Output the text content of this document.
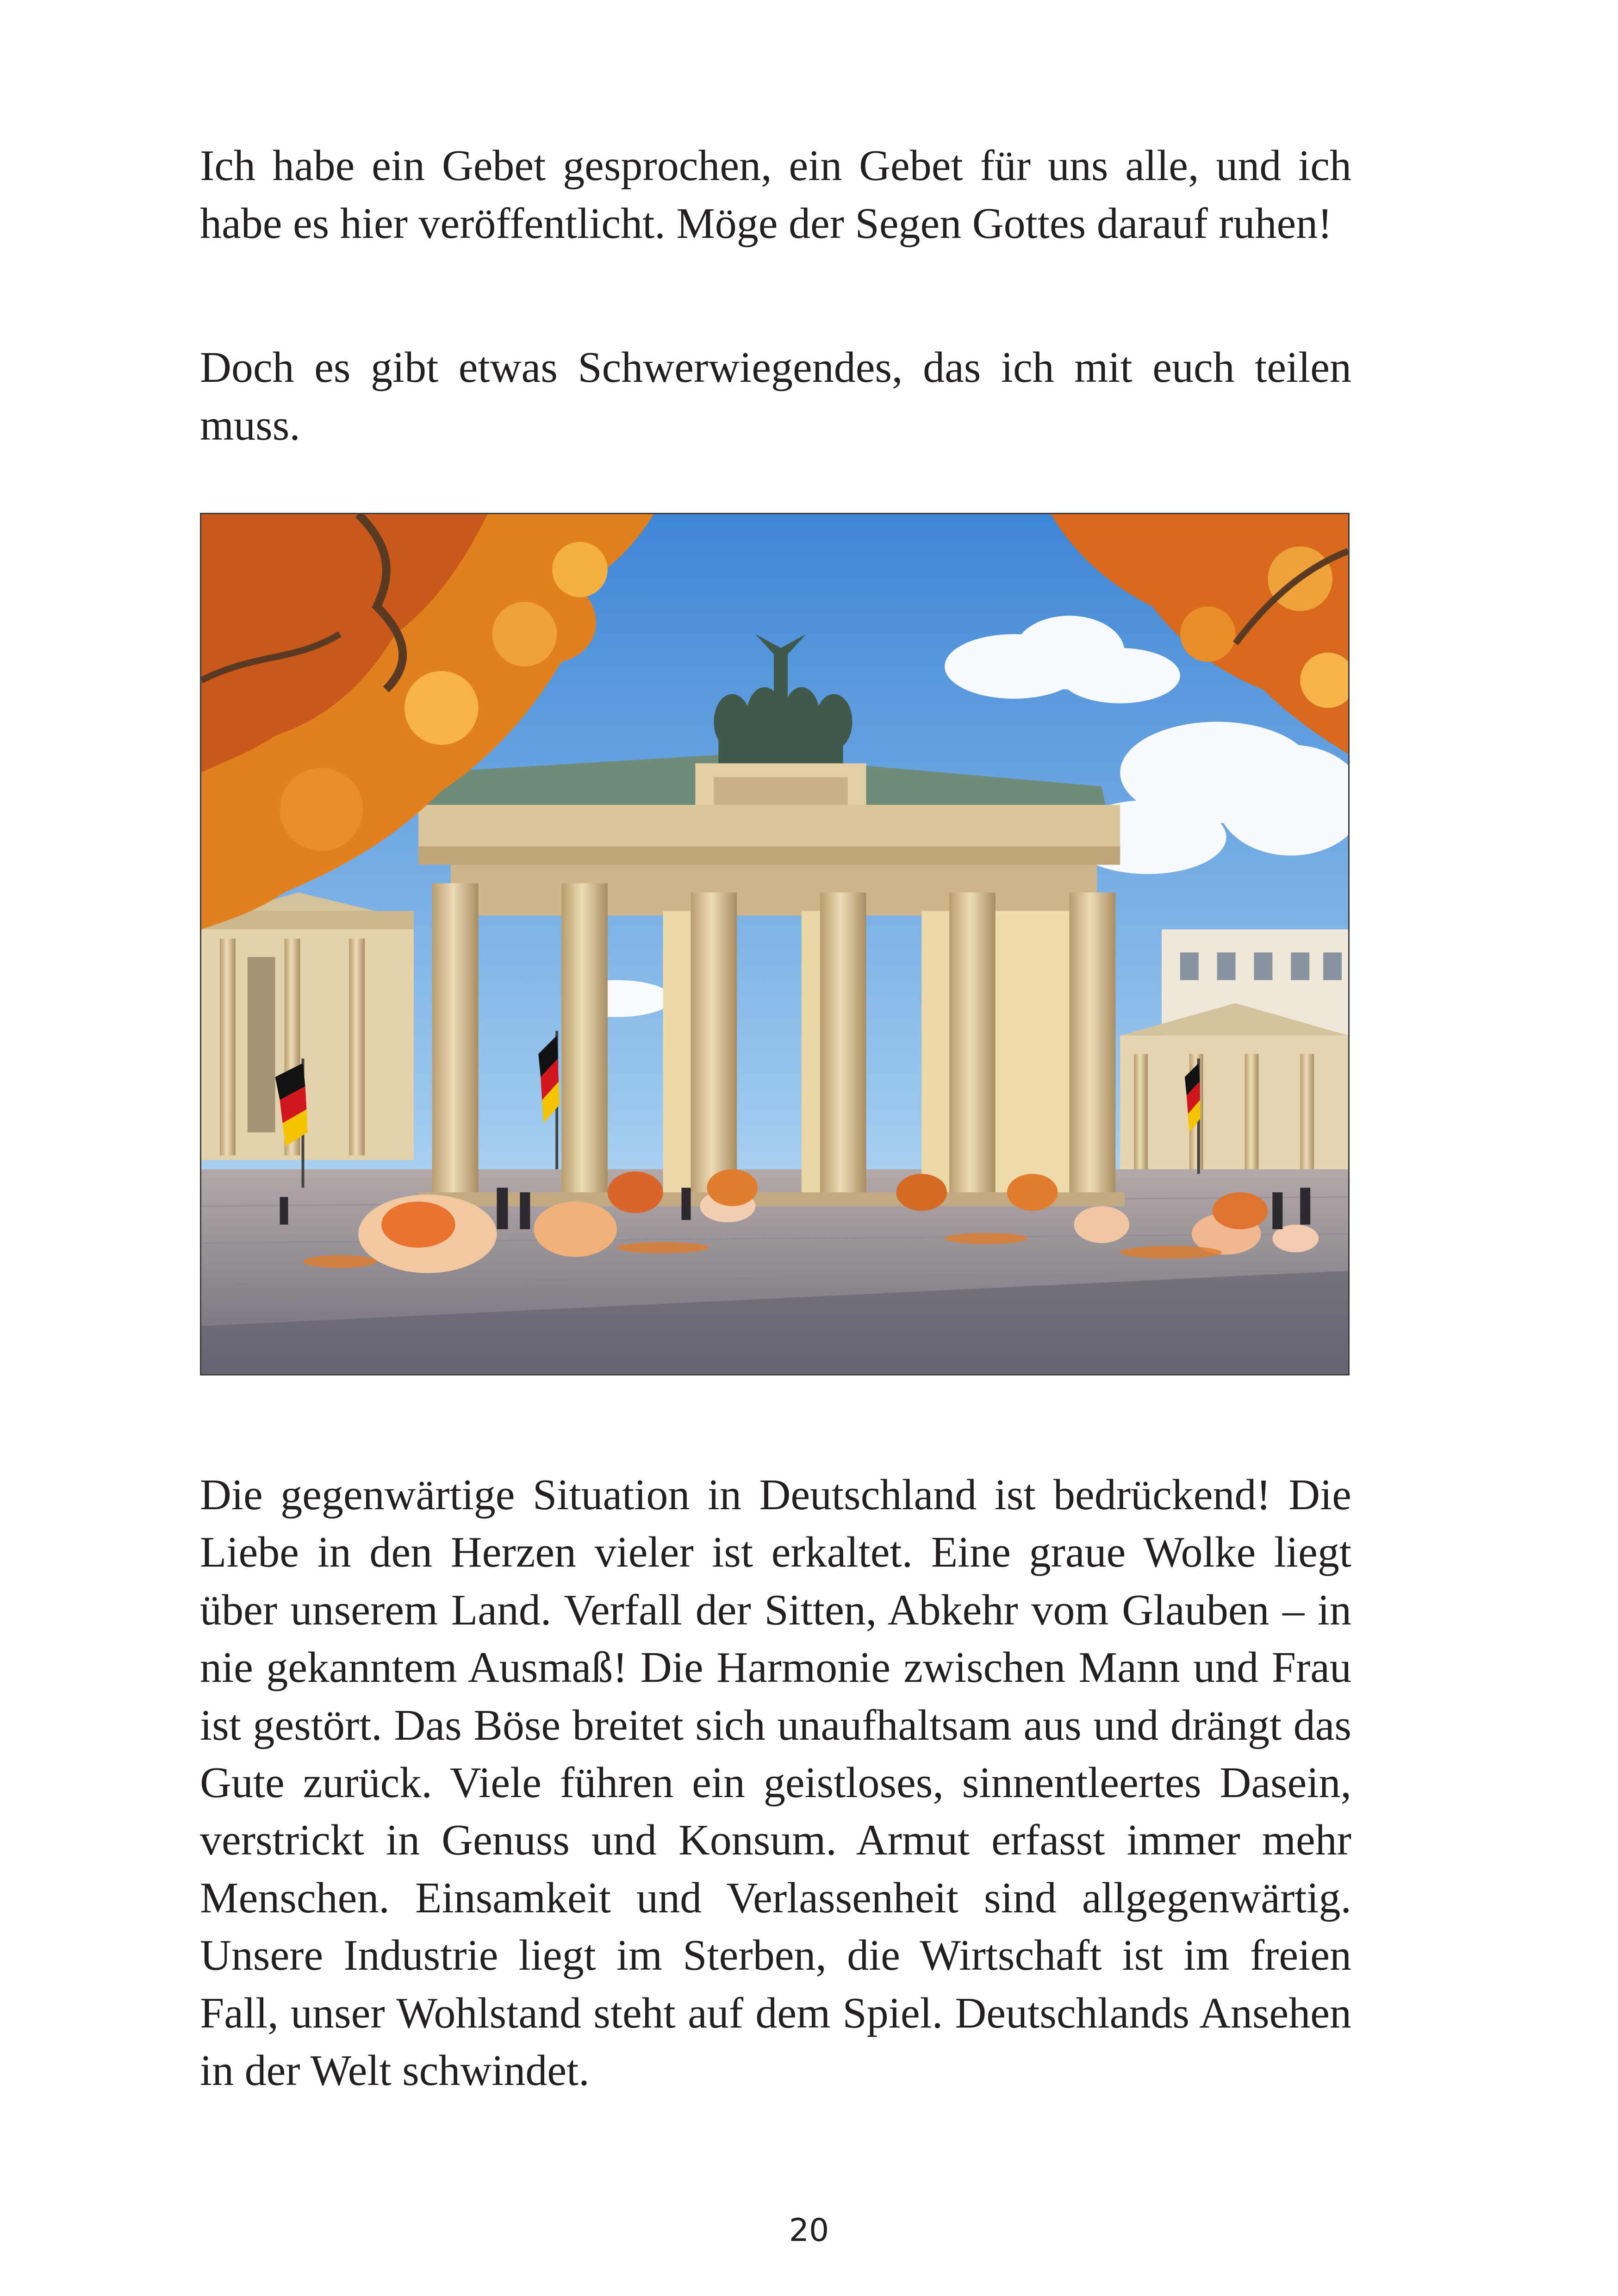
Ich habe ein Gebet gesprochen, ein Gebet für uns alle, und ich habe es hier veröffentlicht. Möge der Segen Gottes darauf ruhen!

Doch es gibt etwas Schwerwiegendes, das ich mit euch teilen muss.

Die gegenwärtige Situation in Deutschland ist bedrückend! Die Liebe in den Herzen vieler ist erkaltet. Eine graue Wolke liegt über unserem Land. Verfall der Sitten, Abkehr vom Glauben – in nie gekanntem Ausmaß! Die Harmonie zwischen Mann und Frau ist gestört. Das Böse breitet sich unaufhaltsam aus und drängt das Gute zurück. Viele führen ein geistloses, sinnentleertes Dasein, verstrickt in Genuss und Konsum. Armut erfasst immer mehr Menschen. Einsamkeit und Verlassenheit sind allgegenwärtig. Unsere Industrie liegt im Sterben, die Wirtschaft ist im freien Fall, unser Wohlstand steht auf dem Spiel. Deutschlands Ansehen in der Welt schwindet.

20
